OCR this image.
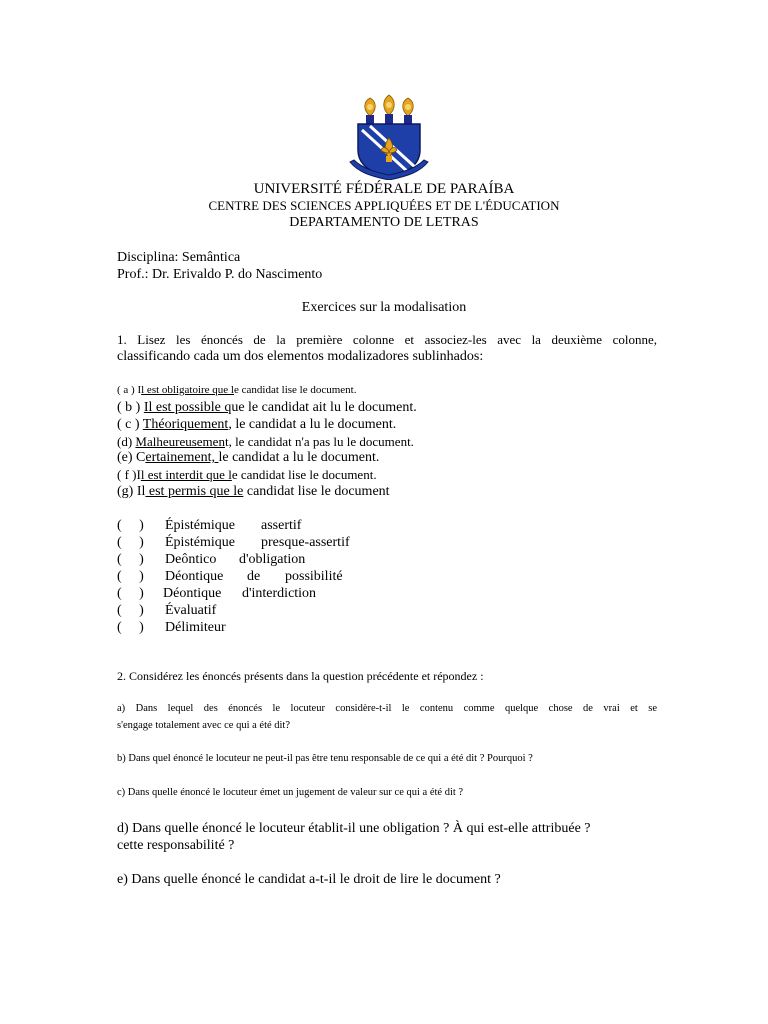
UNIVERSITÉ FÉDÉRALE DE PARAÍBA
CENTRE DES SCIENCES APPLIQUÉES ET DE L'ÉDUCATION
DEPARTAMENTO DE LETRAS
Disciplina: Semântica
Prof.: Dr. Erivaldo P. do Nascimento
Exercices sur la modalisation
1. Lisez les énoncés de la première colonne et associez-les avec la deuxième colonne,
classificando cada um dos elementos modalizadores sublinhados:
( a ) Il est obligatoire que le candidat lise le document.
( b ) Il est possible que le candidat ait lu le document.
( c ) Théoriquement, le candidat a lu le document.
(d) Malheureusement, le candidat n'a pas lu le document.
(e) Certainement, le candidat a lu le document.
( f )Il est interdit que le candidat lise le document.
(g) Il est permis que le candidat lise le document
(     ) Épistémique assertif
(     ) Épistémique presque-assertif
(     ) Deôntico d'obligation
(     ) Déontique de possibilité
(     ) Déontique d'interdiction
(     ) Évaluatif
(     ) Délimiteur
2. Considérez les énoncés présents dans la question précédente et répondez :
a) Dans lequel des énoncés le locuteur considère-t-il le contenu comme quelque chose de vrai et se
s'engage totalement avec ce qui a été dit?
b) Dans quel énoncé le locuteur ne peut-il pas être tenu responsable de ce qui a été dit ? Pourquoi ?
c) Dans quelle énoncé le locuteur émet un jugement de valeur sur ce qui a été dit ?
d) Dans quelle énoncé le locuteur établit-il une obligation ? À qui est-elle attribuée ?
cette responsabilité ?
e) Dans quelle énoncé le candidat a-t-il le droit de lire le document ?
